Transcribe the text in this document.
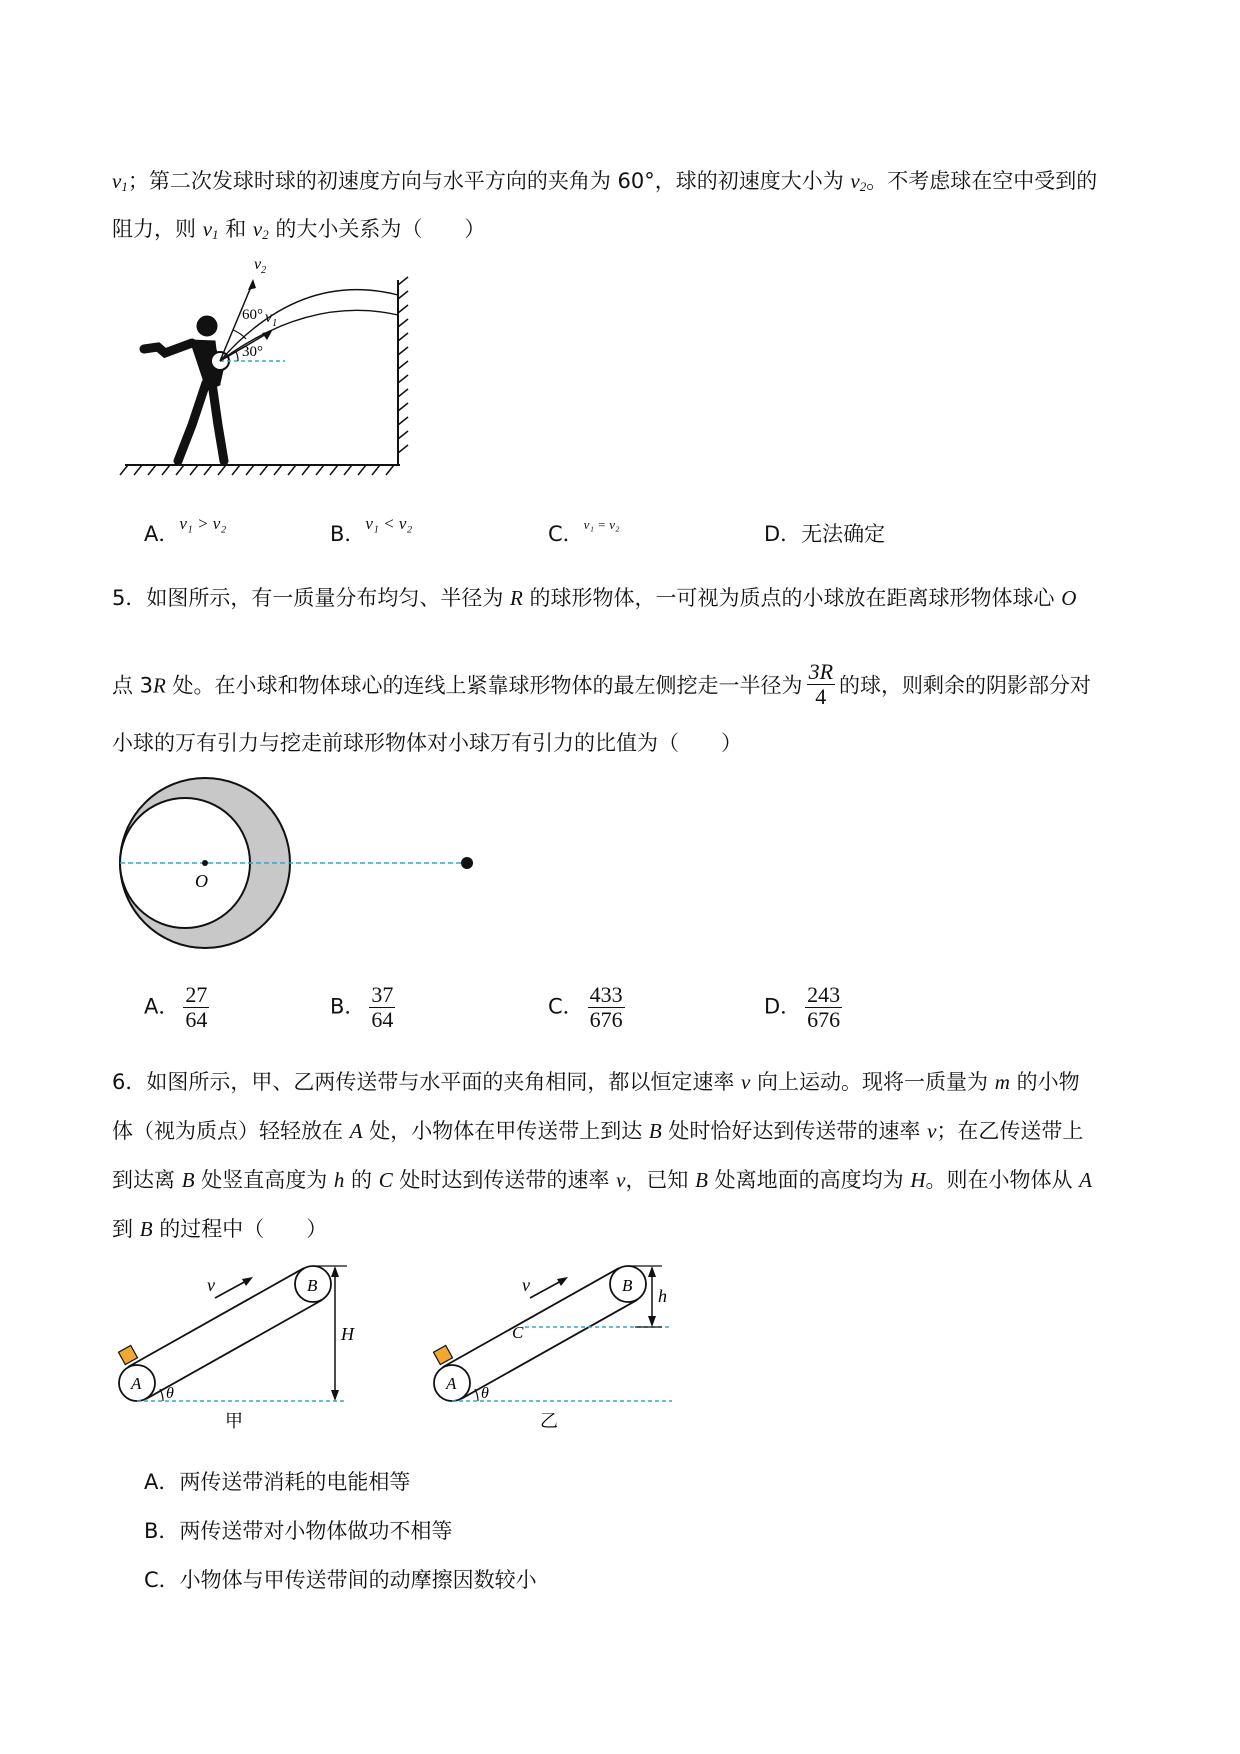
$v_1$；第二次发球时球的初速度方向与水平方向的夹角为 60°，球的初速度大小为 $v_2$。不考虑球在空中受到的
阻力，则 $v_1$ 和 $v_2$ 的大小关系为（　　）
$v_2$
$v_1$
60°
30°
A．$^{v_1 > v_2}$	B．$^{v_1 < v_2}$	C．$^{v_1 = v_2}$	D．无法确定
5．如图所示，有一质量分布均匀、半径为 R 的球形物体，一可视为质点的小球放在距离球形物体球心 O
点 3R 处。在小球和物体球心的连线上紧靠球形物体的最左侧挖走一半径为 $\frac{3R}{4}$ 的球，则剩余的阴影部分对
小球的万有引力与挖走前球形物体对小球万有引力的比值为（　　）
O
A． $\frac{27}{64}$	B． $\frac{37}{64}$	C． $\frac{433}{676}$	D． $\frac{243}{676}$
6．如图所示，甲、乙两传送带与水平面的夹角相同，都以恒定速率 v 向上运动。现将一质量为 m 的小物
体（视为质点）轻轻放在 A 处，小物体在甲传送带上到达 B 处时恰好达到传送带的速率 v；在乙传送带上
到达离 B 处竖直高度为 h 的 C 处时达到传送带的速率 v，已知 B 处离地面的高度均为 H。则在小物体从 A
到 B 的过程中（　　）
v
A
B
H
θ
甲
v
A
B
C
h
θ
乙
A．两传送带消耗的电能相等
B．两传送带对小物体做功不相等
C．小物体与甲传送带间的动摩擦因数较小
